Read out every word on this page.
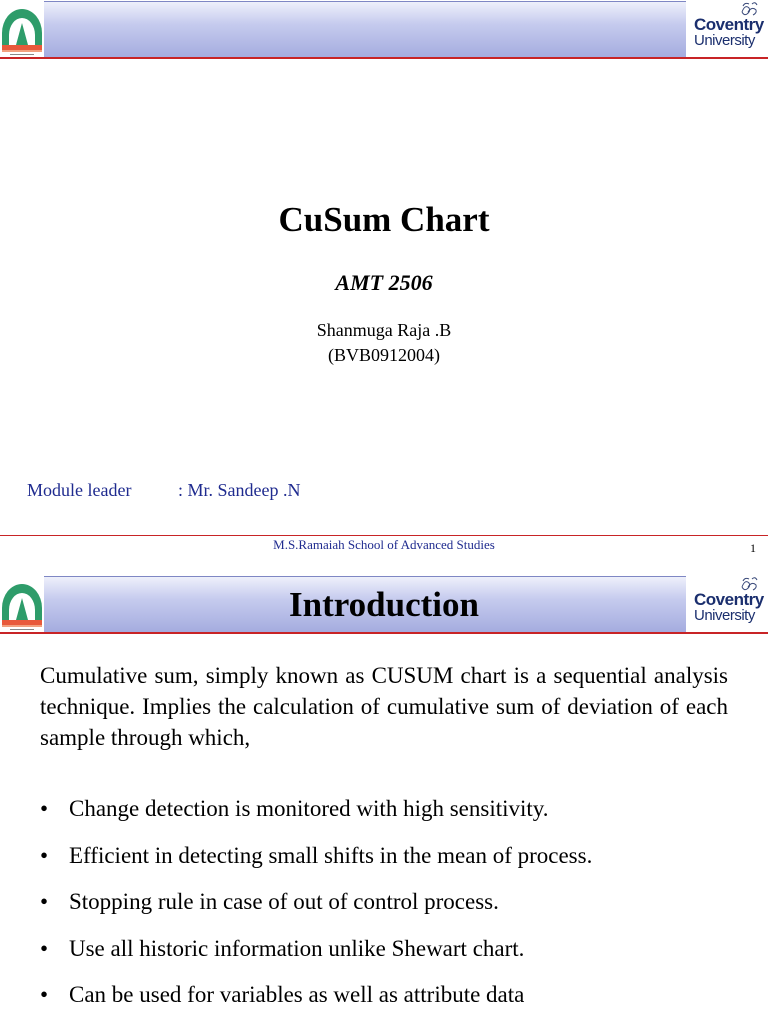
Coventry
University
CuSum Chart
AMT 2506
Shanmuga Raja .B
(BVB0912004)
Module leader	: Mr. Sandeep .N
M.S.Ramaiah School of Advanced Studies	1
Coventry
University
Introduction
Cumulative sum, simply known as CUSUM chart is a sequential analysis technique. Implies the calculation of cumulative sum of deviation of each sample through which,
• Change detection is monitored with high sensitivity.
• Efficient in detecting small shifts in the mean of process.
• Stopping rule in case of out of control process.
• Use all historic information unlike Shewart chart.
• Can be used for variables as well as attribute data
